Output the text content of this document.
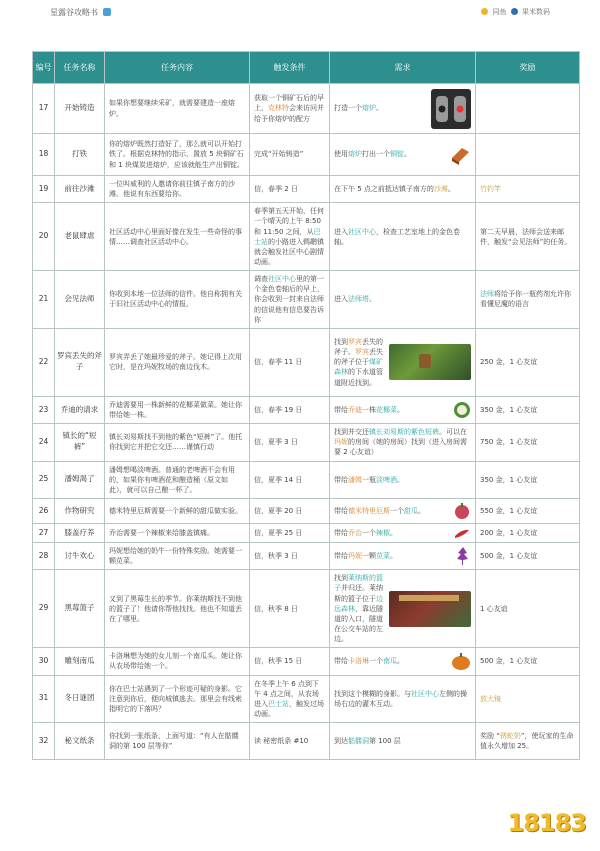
星露谷攻略书	同鱼 果米数码
编号	任务名称	任务内容	触发条件	需求	奖励
17	开始铸造	如果你想要继续采矿，就需要建造一座熔炉。	获取一个铜矿石后的早上，克林特会来访问并给予你熔炉的配方	打造一个熔炉。	

18	打铁	你的熔炉既然打造好了，那么就可以开始打铁了。根据克林特的指示，置放 5 块铜矿石和 1 块煤炭进熔炉，应该就能生产出铜锭。	完成“开始铸造”	使用熔炉打出一个铜锭。	

19	前往沙滩	一位叫威利的人邀请你前往镇子南方的沙滩。他说有东西要给你。	信，春季 2 日	在下午 5 点之前抵达镇子南方的沙滩。	竹钓竿
20	老鼠肆虐	社区活动中心里面好像在发生一些奇怪的事情……调查社区活动中心。	春季第五天开始，任何一个晴天的上午 8:50 和 11:50 之间，从巴士站的小路进入鹈鹕镇就会触发社区中心剧情动画。	进入社区中心，检查工艺室地上的金色卷轴。	第二天早晨，法师会送来邮件，触发“会见法师”的任务。
21	会见法师	你收到本地一位法师的信件。他自称拥有关于旧社区活动中心的情报。	调查社区中心里的第一个金色卷轴后的早上，你会收到一封来自法师的信说他有信息要告诉你	进入法师塔。	法师将给予你一瓶药剂允许你看懂尼魔的语言
22	罗宾丢失的斧子	罗宾弄丢了她最珍爱的斧子。她记得上次用它时，是在玛妮牧场的南边伐木。	信，春季 11 日	找到罗宾丢失的斧子。罗宾丢失的斧子位于煤矿森林的下水道管道附近找到。	250 金，1 心友谊
23	乔迪的请求	乔迪需要用一株新鲜的花椰菜做菜。她让你带给她一株。	信，春季 19 日	带给乔迪一株花椰菜。	350 金，1 心友谊
24	镇长的“短裤”	镇长刘易斯找不到他的紫色“短裤”了。他托你找到它并把它交还……谨慎行动	信，夏季 3 日	找到并交还镇长刘易斯的紫色短裤。可以在玛妮的房间（她的房间）找到（进入房间需要 2 心友谊）	750 金，1 心友谊
25	潘姆渴了	潘姆想喝淡啤酒。普通的老啤酒不会有用的，如果你有啤酒花和酿造桶（原文如此），就可以自己酿一杯了。	信，夏季 14 日	带给潘姆一瓶淡啤酒。	350 金，1 心友谊
26	作物研究	德米特里厄斯需要一个新鲜的甜瓜做实验。	信，夏季 20 日	带给德米特里厄斯一个甜瓜。	550 金，1 心友谊
27	膝盖疗养	乔治需要一个辣椒来给膝盖镇痛。	信，夏季 25 日	带给乔治一个辣椒。	200 金，1 心友谊
28	讨牛欢心	玛妮想给她的奶牛一份特殊奖励。她需要一颗苋菜。	信，秋季 3 日	带给玛妮一颗苋菜。	500 金，1 心友谊
29	黑莓篮子	又到了黑莓生长的季节。你莱纳斯找不到他的篮子了！他请你帮他找找。他也不知道丢在了哪里。	信，秋季 8 日	找到莱纳斯的篮子并归还。莱纳斯的篮子位于边远森林，靠近隧道的入口，隧道在公交车站的左边。	1 心友谊
30	雕刻南瓜	卡洛琳想为她的女儿刻一个南瓜头。她让你从农场带给她一个。	信，秋季 15 日	带给卡洛琳一个南瓜。	500 金，1 心友谊
31	冬日谜团	你在巴士站遇到了一个形迹可疑的身影。它注意到你后，便向城镇逃去。那里会有线索指明它的下落吗？	在冬季上午 6 点到下午 4 点之间，从农场进入巴士站，触发过场动画。	找到这个模糊的身影。与社区中心左侧的操场右边的灌木互动。	放大镜
32	秘文纸条	你找到一张纸条，上面写道：“有人在骷髅洞的第 100 层等你”	读 秘密纸条 #10	到达骷髅洞第 100 层	奖励 “锈蛇奶”，使玩家的生命值永久增加 25。
18183
